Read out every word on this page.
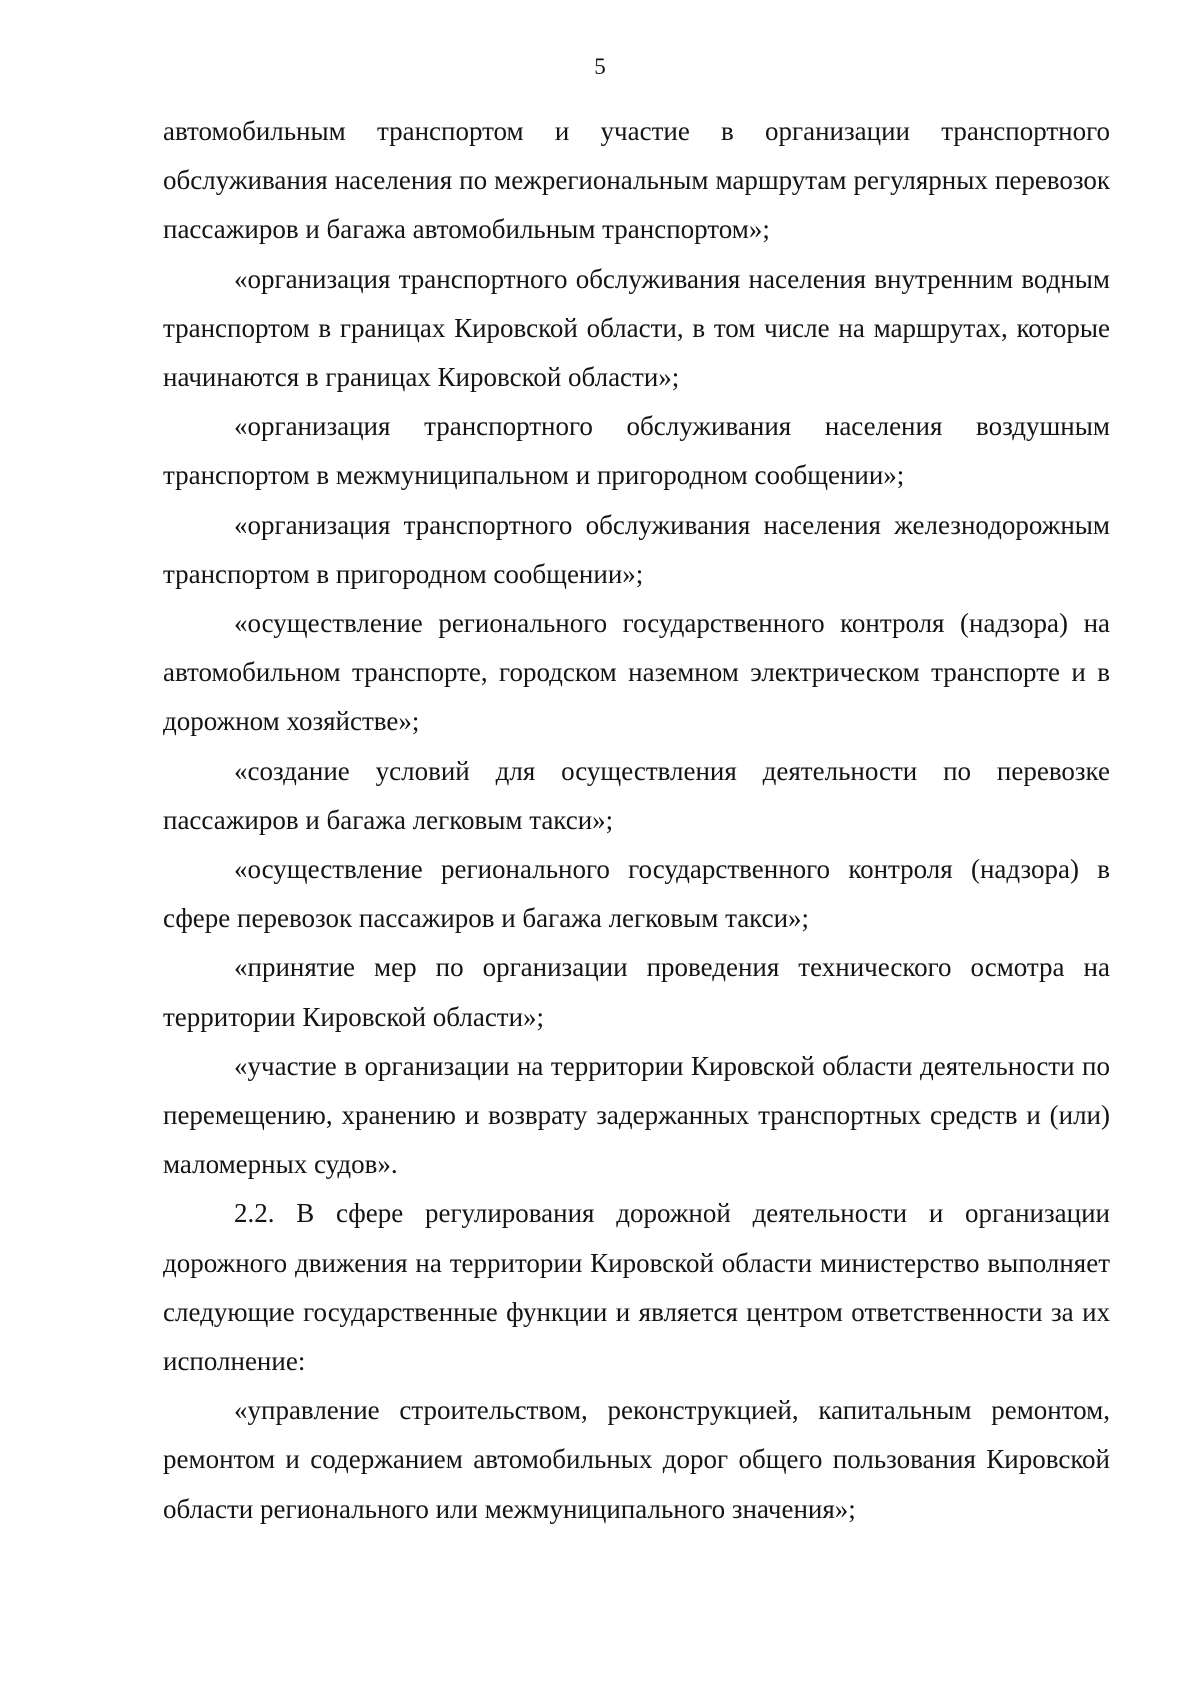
5

автомобильным транспортом и участие в организации транспортного обслуживания населения по межрегиональным маршрутам регулярных перевозок пассажиров и багажа автомобильным транспортом»;

«организация транспортного обслуживания населения внутренним водным транспортом в границах Кировской области, в том числе на маршрутах, которые начинаются в границах Кировской области»;

«организация транспортного обслуживания населения воздушным транспортом в межмуниципальном и пригородном сообщении»;

«организация транспортного обслуживания населения железнодорожным транспортом в пригородном сообщении»;

«осуществление регионального государственного контроля (надзора) на автомобильном транспорте, городском наземном электрическом транспорте и в дорожном хозяйстве»;

«создание условий для осуществления деятельности по перевозке пассажиров и багажа легковым такси»;

«осуществление регионального государственного контроля (надзора) в сфере перевозок пассажиров и багажа легковым такси»;

«принятие мер по организации проведения технического осмотра на территории Кировской области»;

«участие в организации на территории Кировской области деятельности по перемещению, хранению и возврату задержанных транспортных средств и (или) маломерных судов».

2.2. В сфере регулирования дорожной деятельности и организации дорожного движения на территории Кировской области министерство выполняет следующие государственные функции и является центром ответственности за их исполнение:

«управление строительством, реконструкцией, капитальным ремонтом, ремонтом и содержанием автомобильных дорог общего пользования Кировской области регионального или межмуниципального значения»;
